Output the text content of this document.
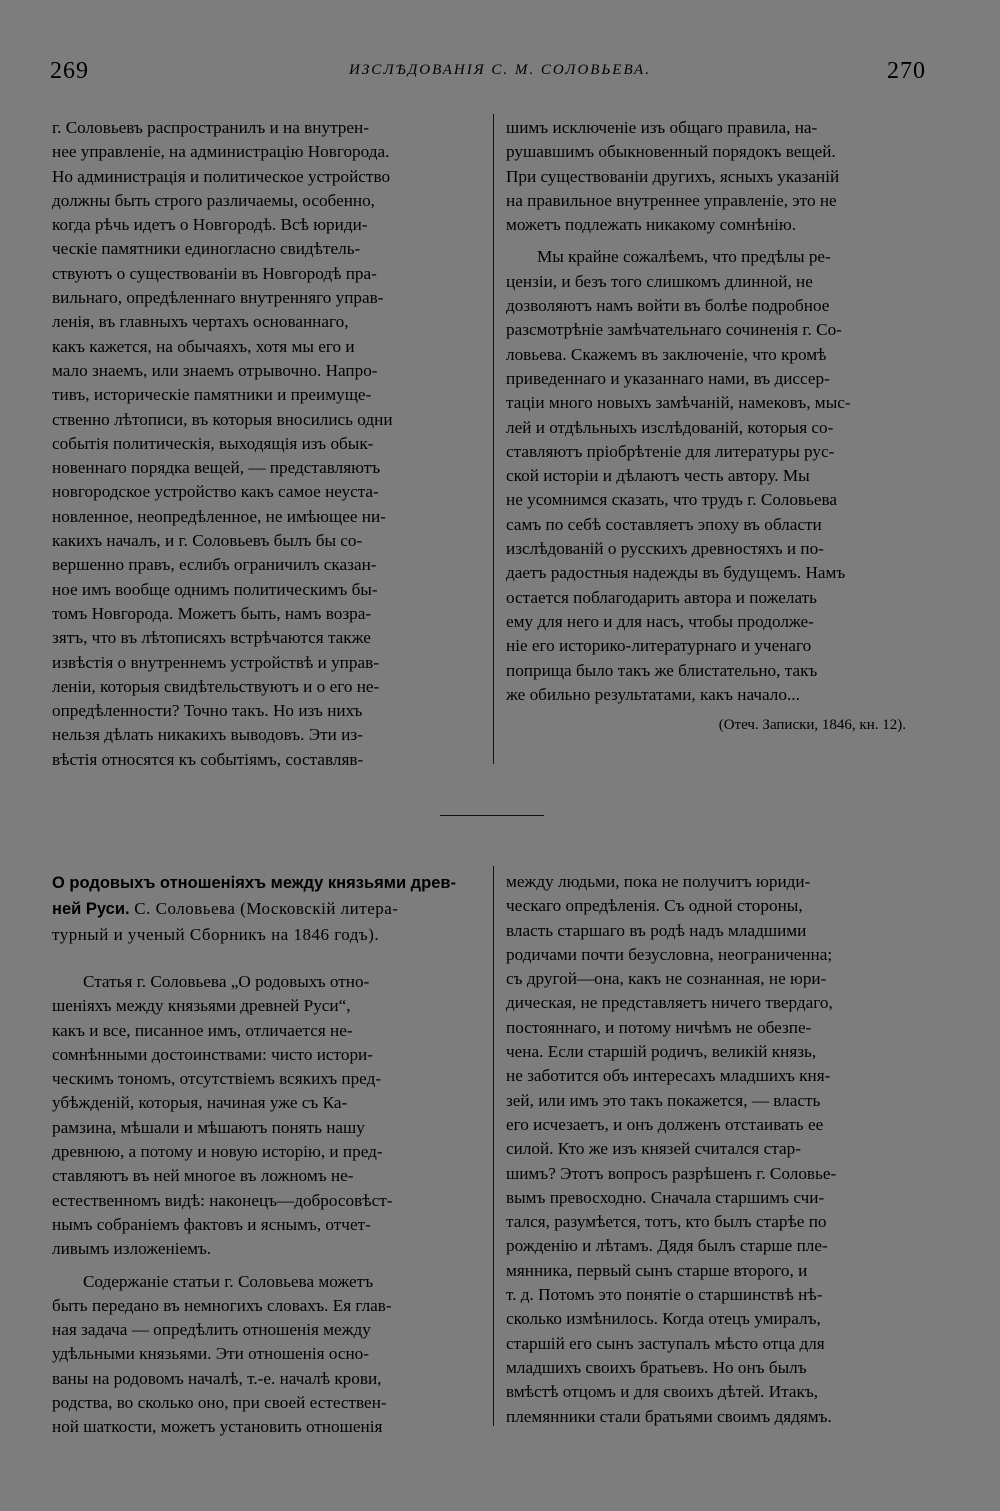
269	ИЗСЛѢДОВАНІЯ С. М. СОЛОВЬЕВА.	270

г. Соловьевъ распространилъ и на внутрен-
нее управленіе, на администрацію Новгорода.
Но администрація и политическое устройство
должны быть строго различаемы, особенно,
когда рѣчь идетъ о Новгородѣ. Всѣ юриди-
ческіе памятники единогласно свидѣтель-
ствуютъ о существованіи въ Новгородѣ пра-
вильнаго, опредѣленнаго внутренняго управ-
ленія, въ главныхъ чертахъ основаннаго,
какъ кажется, на обычаяхъ, хотя мы его и
мало знаемъ, или знаемъ отрывочно. Напро-
тивъ, историческіе памятники и преимуще-
ственно лѣтописи, въ которыя вносились одни
событія политическія, выходящія изъ обык-
новеннаго порядка вещей, — представляютъ
новгородское устройство какъ самое неуста-
новленное, неопредѣленное, не имѣющее ни-
какихъ началъ, и г. Соловьевъ былъ бы со-
вершенно правъ, еслибъ ограничилъ сказан-
ное имъ вообще однимъ политическимъ бы-
томъ Новгорода. Можетъ быть, намъ возра-
зятъ, что въ лѣтописяхъ встрѣчаются также
извѣстія о внутреннемъ устройствѣ и управ-
леніи, которыя свидѣтельствуютъ и о его не-
опредѣленности? Точно такъ. Но изъ нихъ
нельзя дѣлать никакихъ выводовъ. Эти из-
вѣстія относятся къ событіямъ, составляв-

шимъ исключеніе изъ общаго правила, на-
рушавшимъ обыкновенный порядокъ вещей.
При существованіи другихъ, ясныхъ указаній
на правильное внутреннее управленіе, это не
можетъ подлежать никакому сомнѣнію.

Мы крайне сожалѣемъ, что предѣлы ре-
цензіи, и безъ того слишкомъ длинной, не
дозволяютъ намъ войти въ болѣе подробное
разсмотрѣніе замѣчательнаго сочиненія г. Со-
ловьева. Скажемъ въ заключеніе, что кромѣ
приведеннаго и указаннаго нами, въ диссер-
таціи много новыхъ замѣчаній, намековъ, мыс-
лей и отдѣльныхъ изслѣдованій, которыя со-
ставляютъ пріобрѣтеніе для литературы рус-
ской исторіи и дѣлаютъ честь автору. Мы
не усомнимся сказать, что трудъ г. Соловьева
самъ по себѣ составляетъ эпоху въ области
изслѣдованій о русскихъ древностяхъ и по-
даетъ радостныя надежды въ будущемъ. Намъ
остается поблагодарить автора и пожелать
ему для него и для насъ, чтобы продолже-
ніе его историко-литературнаго и ученаго
поприща было такъ же блистательно, такъ
же обильно результатами, какъ начало...

(Отеч. Записки, 1846, кн. 12).

О родовыхъ отношеніяхъ между князьями древ-
ней Руси. С. Соловьева (Московскій литера-
турный и ученый Сборникъ на 1846 годъ).

Статья г. Соловьева „О родовыхъ отно-
шеніяхъ между князьями древней Руси“,
какъ и все, писанное имъ, отличается не-
сомнѣнными достоинствами: чисто истори-
ческимъ тономъ, отсутствіемъ всякихъ пред-
убѣжденій, которыя, начиная уже съ Ка-
рамзина, мѣшали и мѣшаютъ понять нашу
древнюю, а потому и новую исторію, и пред-
ставляютъ въ ней многое въ ложномъ не-
естественномъ видѣ: наконецъ—добросовѣст-
нымъ собраніемъ фактовъ и яснымъ, отчет-
ливымъ изложеніемъ.

Содержаніе статьи г. Соловьева можетъ
быть передано въ немногихъ словахъ. Ея глав-
ная задача — опредѣлить отношенія между
удѣльными князьями. Эти отношенія осно-
ваны на родовомъ началѣ, т.-е. началѣ крови,
родства, во сколько оно, при своей естествен-
ной шаткости, можетъ установить отношенія

между людьми, пока не получитъ юриди-
ческаго опредѣленія. Съ одной стороны,
власть старшаго въ родѣ надъ младшими
родичами почти безусловна, неограниченна;
съ другой—она, какъ не сознанная, не юри-
дическая, не представляетъ ничего твердаго,
постояннаго, и потому ничѣмъ не обезпе-
чена. Если старшій родичъ, великій князь,
не заботится объ интересахъ младшихъ кня-
зей, или имъ это такъ покажется, — власть
его исчезаетъ, и онъ долженъ отстаивать ее
силой. Кто же изъ князей считался стар-
шимъ? Этотъ вопросъ разрѣшенъ г. Соловье-
вымъ превосходно. Сначала старшимъ счи-
тался, разумѣется, тотъ, кто былъ старѣе по
рожденію и лѣтамъ. Дядя былъ старше пле-
мянника, первый сынъ старше второго, и
т. д. Потомъ это понятіе о старшинствѣ нѣ-
сколько измѣнилось. Когда отецъ умиралъ,
старшій его сынъ заступалъ мѣсто отца для
младшихъ своихъ братьевъ. Но онъ былъ
вмѣстѣ отцомъ и для своихъ дѣтей. Итакъ,
племянники стали братьями своимъ дядямъ.
